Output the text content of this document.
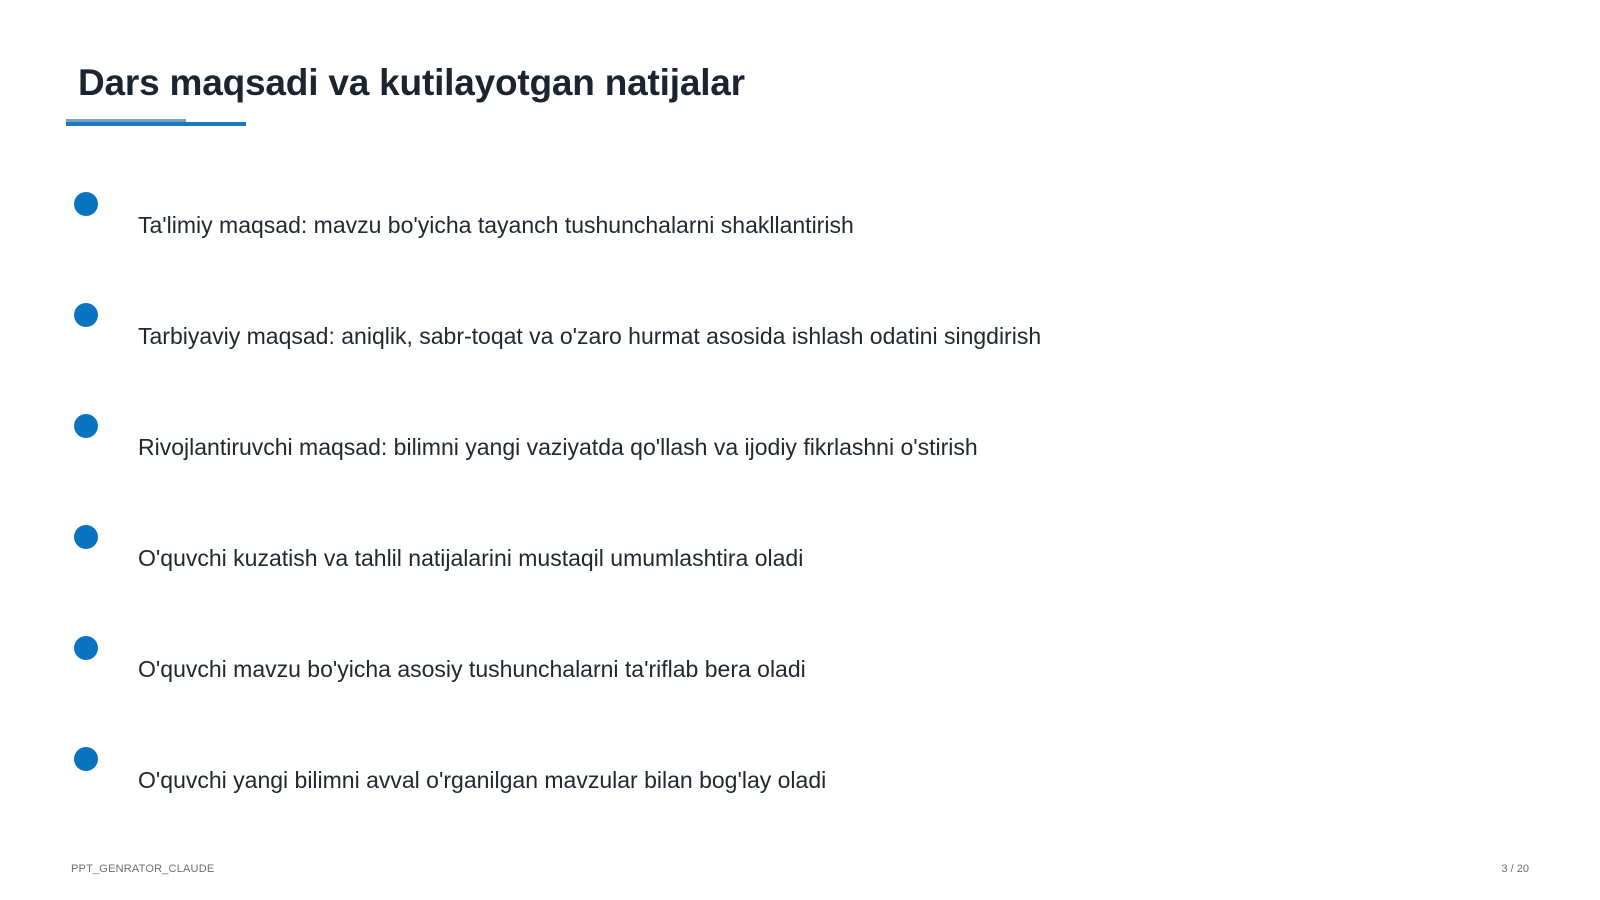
Dars maqsadi va kutilayotgan natijalar
Ta'limiy maqsad: mavzu bo'yicha tayanch tushunchalarni shakllantirish
Tarbiyaviy maqsad: aniqlik, sabr-toqat va o'zaro hurmat asosida ishlash odatini singdirish
Rivojlantiruvchi maqsad: bilimni yangi vaziyatda qo'llash va ijodiy fikrlashni o'stirish
O'quvchi kuzatish va tahlil natijalarini mustaqil umumlashtira oladi
O'quvchi mavzu bo'yicha asosiy tushunchalarni ta'riflab bera oladi
O'quvchi yangi bilimni avval o'rganilgan mavzular bilan bog'lay oladi
PPT_GENRATOR_CLAUDE	3 / 20
